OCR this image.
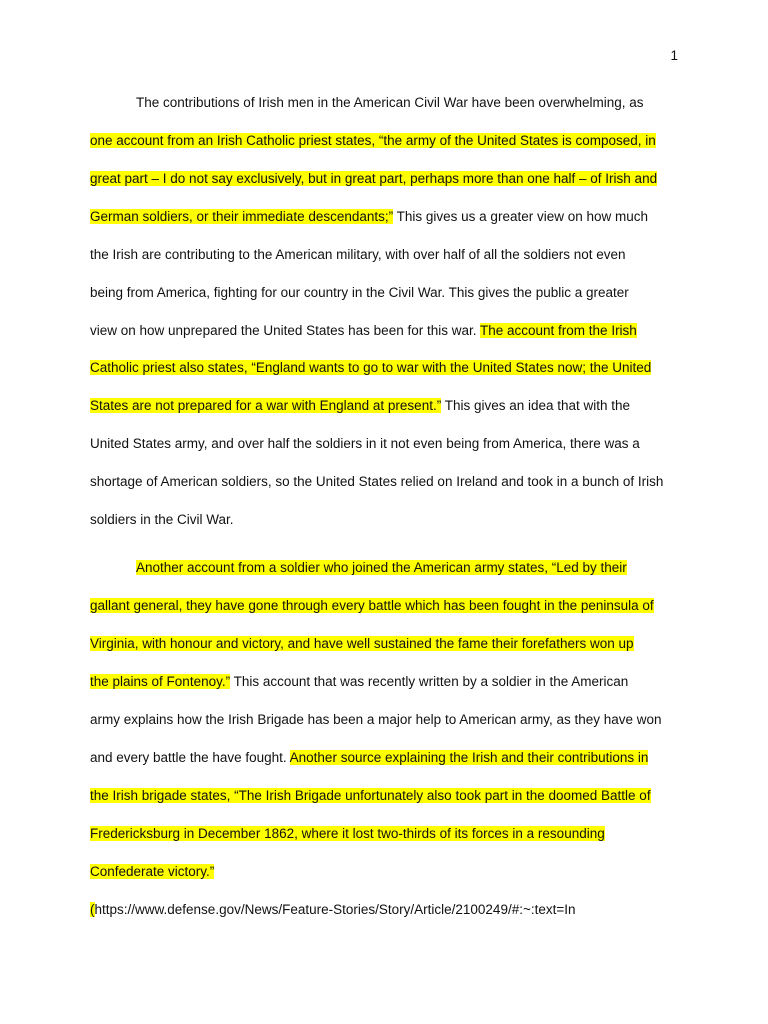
1
The contributions of Irish men in the American Civil War have been overwhelming, as
one account from an Irish Catholic priest states, “the army of the United States is composed, in
great part – I do not say exclusively, but in great part, perhaps more than one half – of Irish and
German soldiers, or their immediate descendants;” This gives us a greater view on how much
the Irish are contributing to the American military, with over half of all the soldiers not even
being from America, fighting for our country in the Civil War. This gives the public a greater
view on how unprepared the United States has been for this war. The account from the Irish
Catholic priest also states, “England wants to go to war with the United States now; the United
States are not prepared for a war with England at present.” This gives an idea that with the
United States army, and over half the soldiers in it not even being from America, there was a
shortage of American soldiers, so the United States relied on Ireland and took in a bunch of Irish
soldiers in the Civil War.
Another account from a soldier who joined the American army states, “Led by their
gallant general, they have gone through every battle which has been fought in the peninsula of
Virginia, with honour and victory, and have well sustained the fame their forefathers won up
the plains of Fontenoy.” This account that was recently written by a soldier in the American
army explains how the Irish Brigade has been a major help to American army, as they have won
and every battle the have fought. Another source explaining the Irish and their contributions in
the Irish brigade states, “The Irish Brigade unfortunately also took part in the doomed Battle of
Fredericksburg in December 1862, where it lost two-thirds of its forces in a resounding
Confederate victory.”
(https://www.defense.gov/News/Feature-Stories/Story/Article/2100249/#:~:text=In
